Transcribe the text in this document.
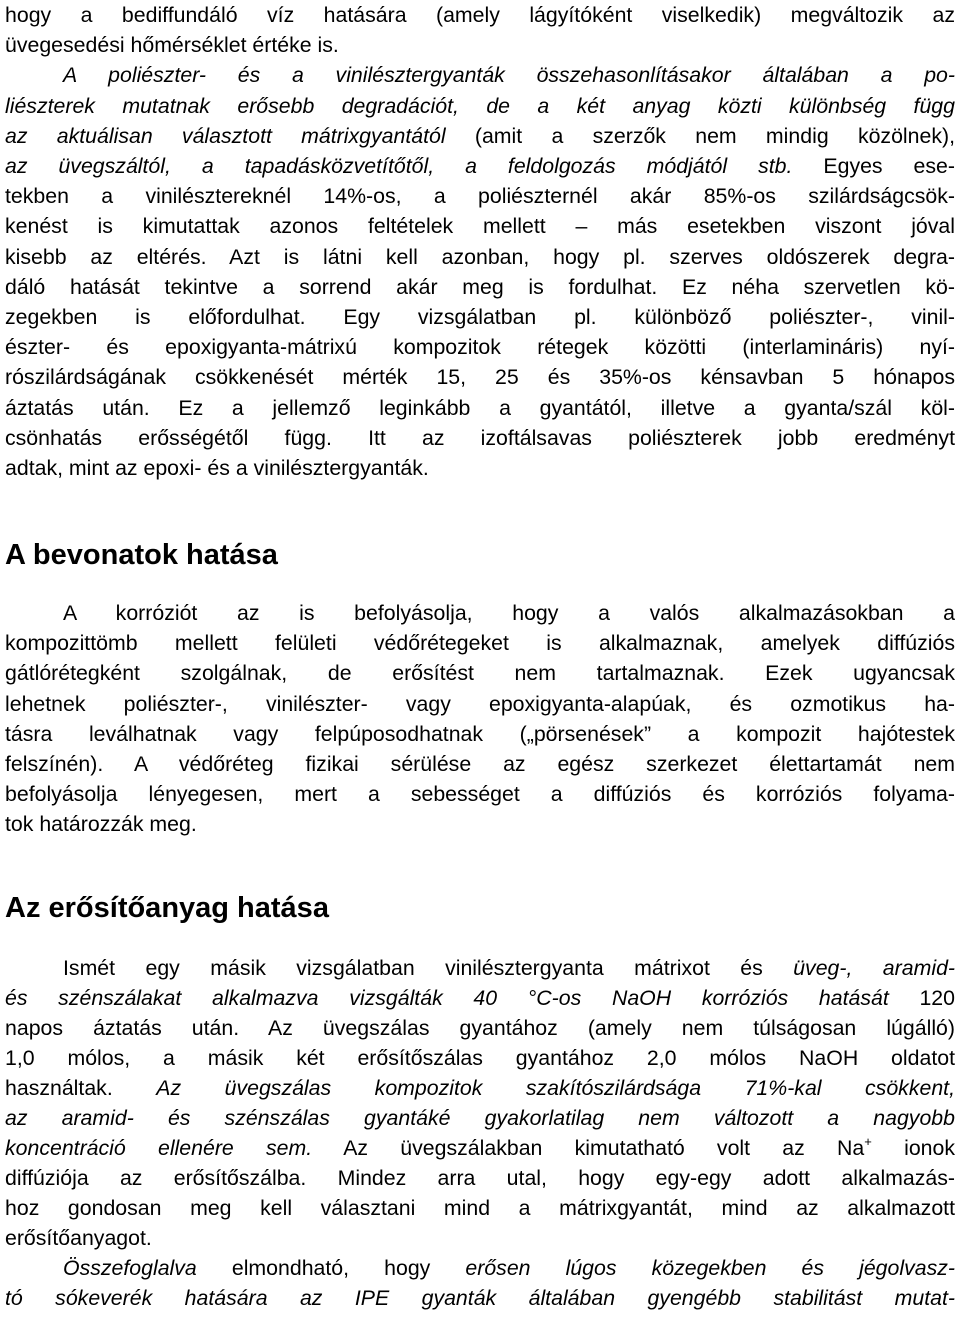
hogy a bediffundáló víz hatására (amely lágyítóként viselkedik) megváltozik az
üvegesedési hőmérséklet értéke is.
A poliészter- és a vinilésztergyanták összehasonlításakor általában a po-
liészterek mutatnak erősebb degradációt, de a két anyag közti különbség függ
az aktuálisan választott mátrixgyantától (amit a szerzők nem mindig közölnek),
az üvegszáltól, a tapadásközvetítőtől, a feldolgozás módjától stb. Egyes ese-
tekben a vinilésztereknél 14%-os, a poliészternél akár 85%-os szilárdságcsök-
kenést is kimutattak azonos feltételek mellett – más esetekben viszont jóval
kisebb az eltérés. Azt is látni kell azonban, hogy pl. szerves oldószerek degra-
dáló hatását tekintve a sorrend akár meg is fordulhat. Ez néha szervetlen kö-
zegekben is előfordulhat. Egy vizsgálatban pl. különböző poliészter-, vinil-
észter- és epoxigyanta-mátrixú kompozitok rétegek közötti (interlamináris) nyí-
rószilárdságának csökkenését mérték 15, 25 és 35%-os kénsavban 5 hónapos
áztatás után. Ez a jellemző leginkább a gyantától, illetve a gyanta/szál köl-
csönhatás erősségétől függ. Itt az izoftálsavas poliészterek jobb eredményt
adtak, mint az epoxi- és a vinilésztergyanták.
A bevonatok hatása
A korróziót az is befolyásolja, hogy a valós alkalmazásokban a
kompozittömb mellett felületi védőrétegeket is alkalmaznak, amelyek diffúziós
gátlórétegként szolgálnak, de erősítést nem tartalmaznak. Ezek ugyancsak
lehetnek poliészter-, vinilészter- vagy epoxigyanta-alapúak, és ozmotikus ha-
tásra leválhatnak vagy felpúposodhatnak („pörsenések” a kompozit hajótestek
felszínén). A védőréteg fizikai sérülése az egész szerkezet élettartamát nem
befolyásolja lényegesen, mert a sebességet a diffúziós és korróziós folyama-
tok határozzák meg.
Az erősítőanyag hatása
Ismét egy másik vizsgálatban vinilésztergyanta mátrixot és üveg-, aramid-
és szénszálakat alkalmazva vizsgálták 40 °C-os NaOH korróziós hatását 120
napos áztatás után. Az üvegszálas gyantához (amely nem túlságosan lúgálló)
1,0 mólos, a másik két erősítőszálas gyantához 2,0 mólos NaOH oldatot
használtak. Az üvegszálas kompozitok szakítószilárdsága 71%-kal csökkent,
az aramid- és szénszálas gyantáké gyakorlatilag nem változott a nagyobb
koncentráció ellenére sem. Az üvegszálakban kimutatható volt az Na+ ionok
diffúziója az erősítőszálba. Mindez arra utal, hogy egy-egy adott alkalmazás-
hoz gondosan meg kell választani mind a mátrixgyantát, mind az alkalmazott
erősítőanyagot.
Összefoglalva elmondható, hogy erősen lúgos közegekben és jégolvasz-
tó sókeverék hatására az IPE gyanták általában gyengébb stabilitást mutat-
